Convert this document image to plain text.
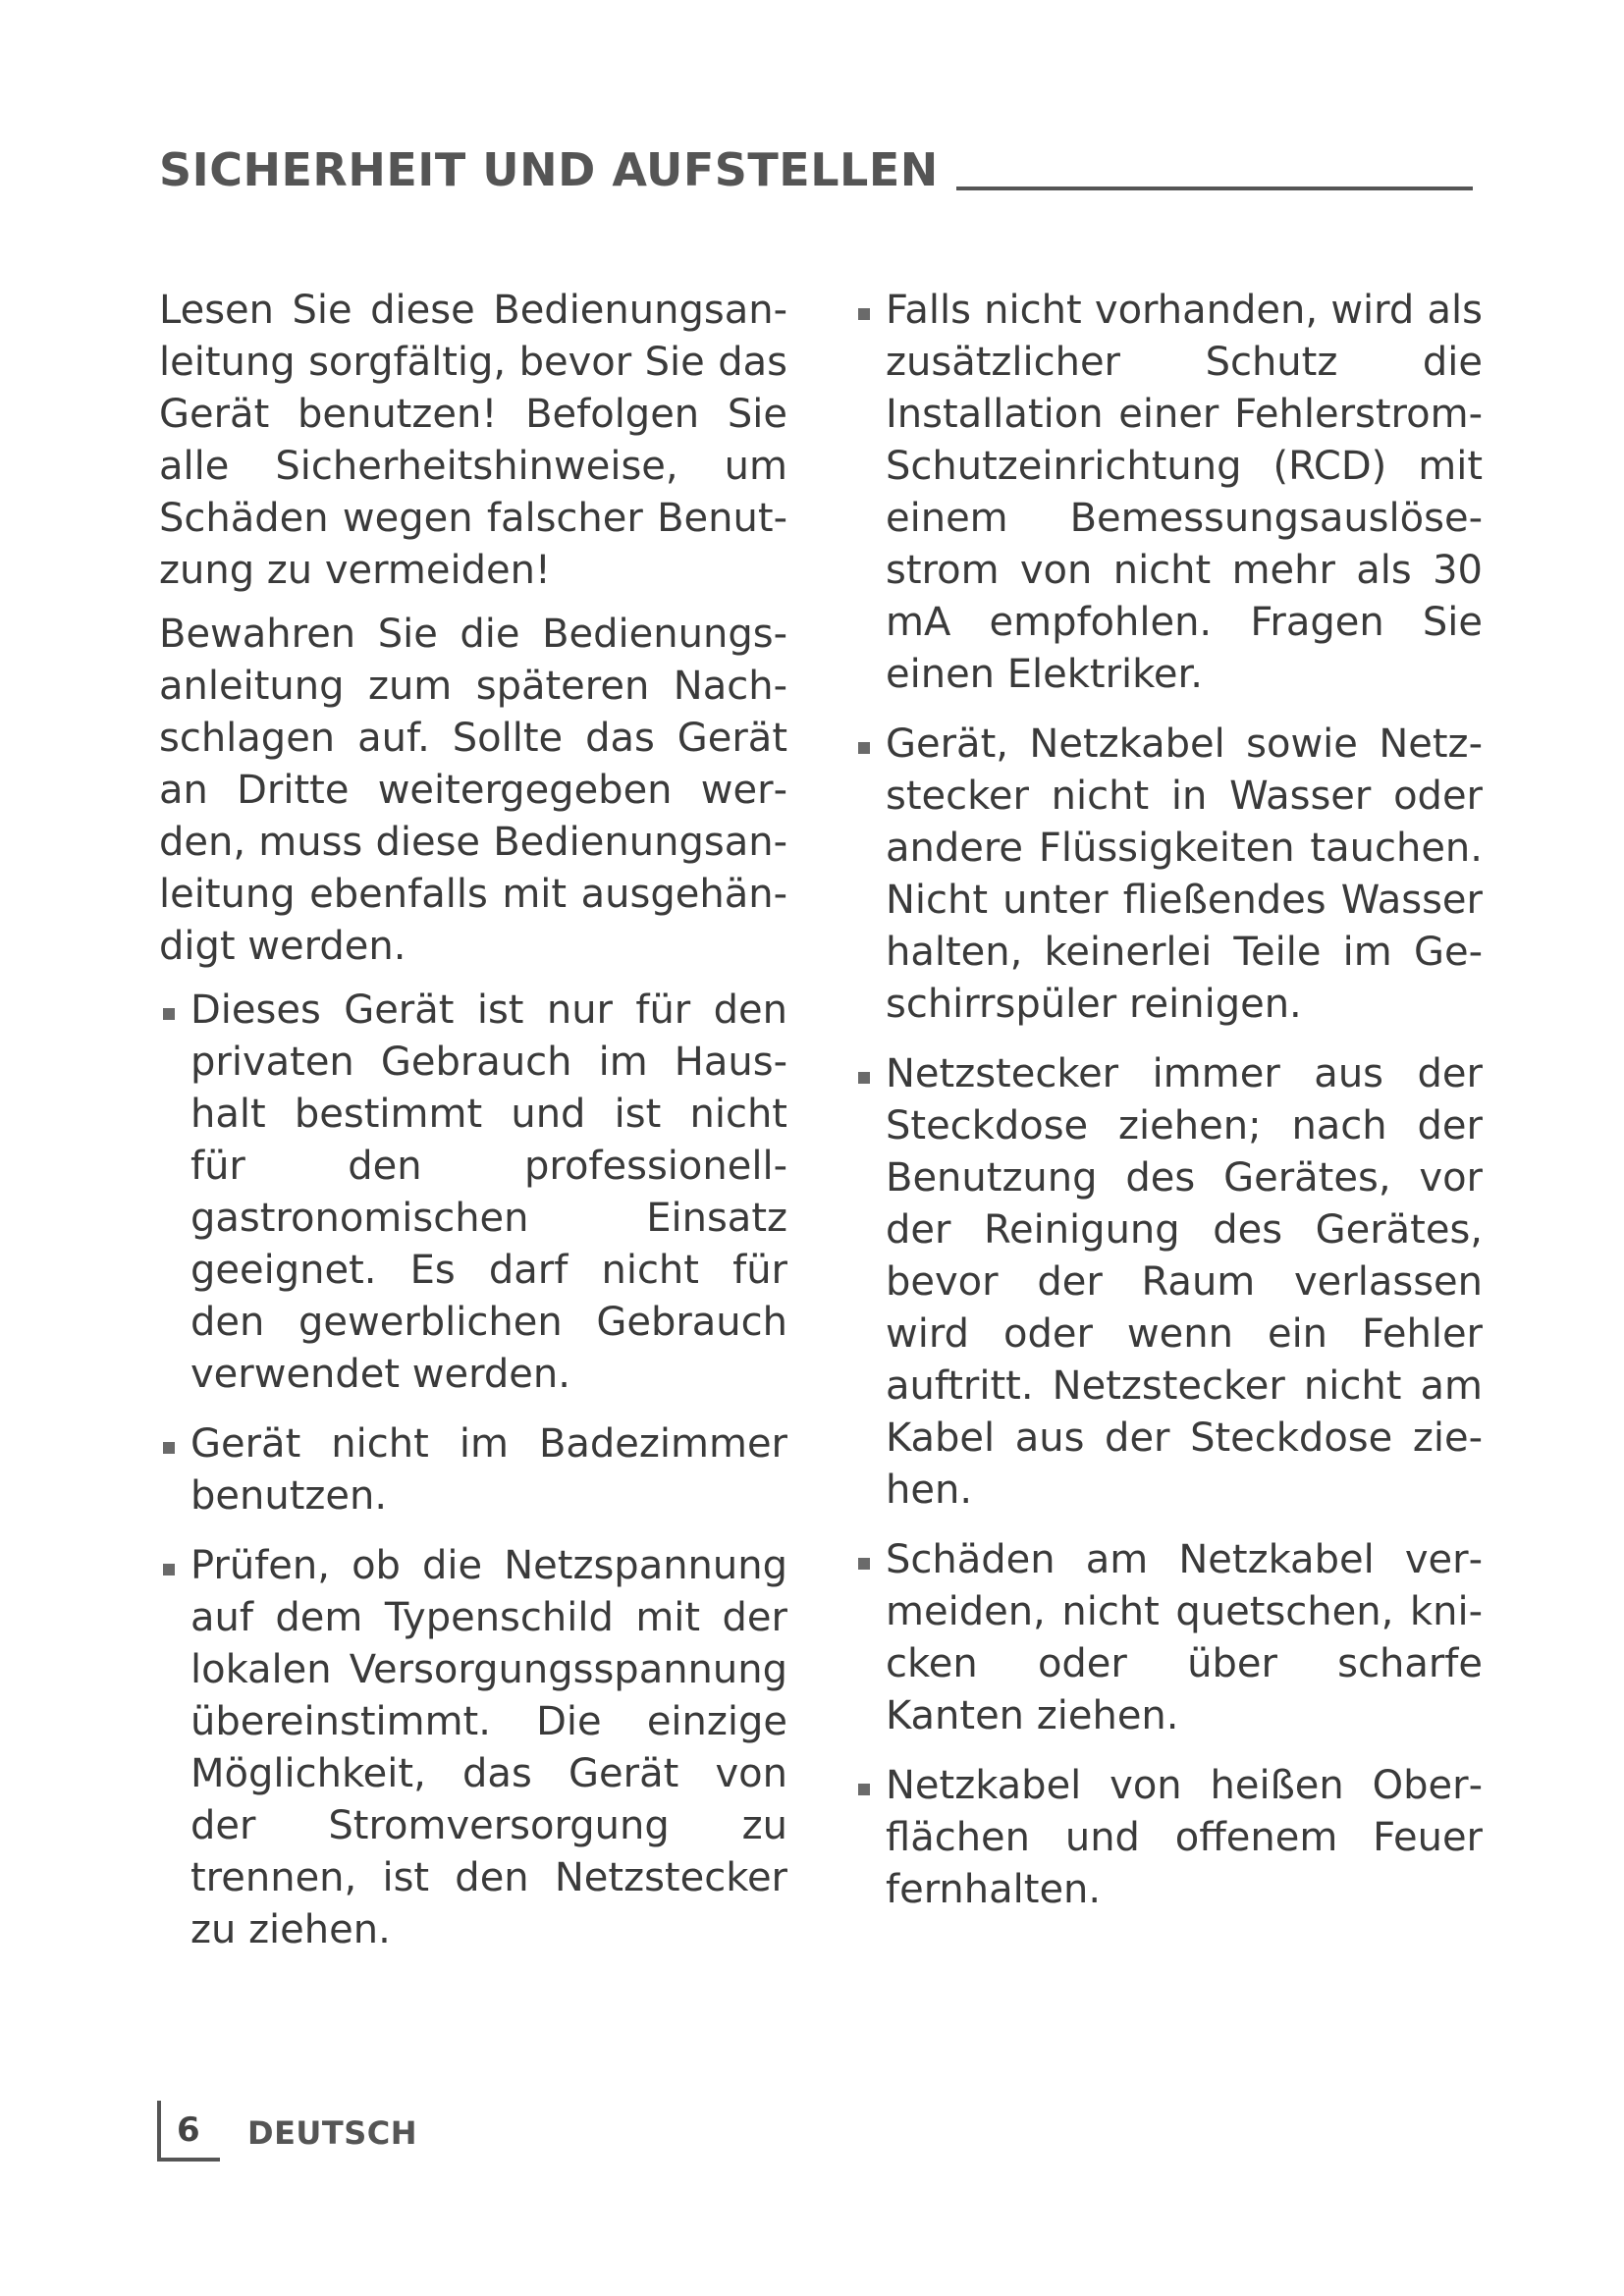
SICHERHEIT UND AUFSTELLEN

Lesen Sie diese Bedienungsanleitung sorgfältig, bevor Sie das Gerät benutzen! Befolgen Sie alle Sicherheitshinweise, um Schäden wegen falscher Benutzung zu vermeiden!

Bewahren Sie die Bedienungsanleitung zum späteren Nachschlagen auf. Sollte das Gerät an Dritte weitergegeben werden, muss diese Bedienungsanleitung ebenfalls mit ausgehändigt werden.

Dieses Gerät ist nur für den privaten Gebrauch im Haushalt bestimmt und ist nicht für den professionell-gastronomischen Einsatz geeignet. Es darf nicht für den gewerblichen Gebrauch verwendet werden.
Gerät nicht im Badezimmer benutzen.
Prüfen, ob die Netzspannung auf dem Typenschild mit der lokalen Versorgungsspannung übereinstimmt. Die einzige Möglichkeit, das Gerät von der Stromversorgung zu trennen, ist den Netzstecker zu ziehen.
Falls nicht vorhanden, wird als zusätzlicher Schutz die Installation einer Fehlerstrom-Schutzeinrichtung (RCD) mit einem Bemessungsauslösestrom von nicht mehr als 30 mA empfohlen. Fragen Sie einen Elektriker.
Gerät, Netzkabel sowie Netzstecker nicht in Wasser oder andere Flüssigkeiten tauchen. Nicht unter fließendes Wasser halten, keinerlei Teile im Geschirrspüler reinigen.
Netzstecker immer aus der Steckdose ziehen; nach der Benutzung des Gerätes, vor der Reinigung des Gerätes, bevor der Raum verlassen wird oder wenn ein Fehler auftritt. Netzstecker nicht am Kabel aus der Steckdose ziehen.
Schäden am Netzkabel vermeiden, nicht quetschen, knicken oder über scharfe Kanten ziehen.
Netzkabel von heißen Oberflächen und offenem Feuer fernhalten.
6 DEUTSCH
